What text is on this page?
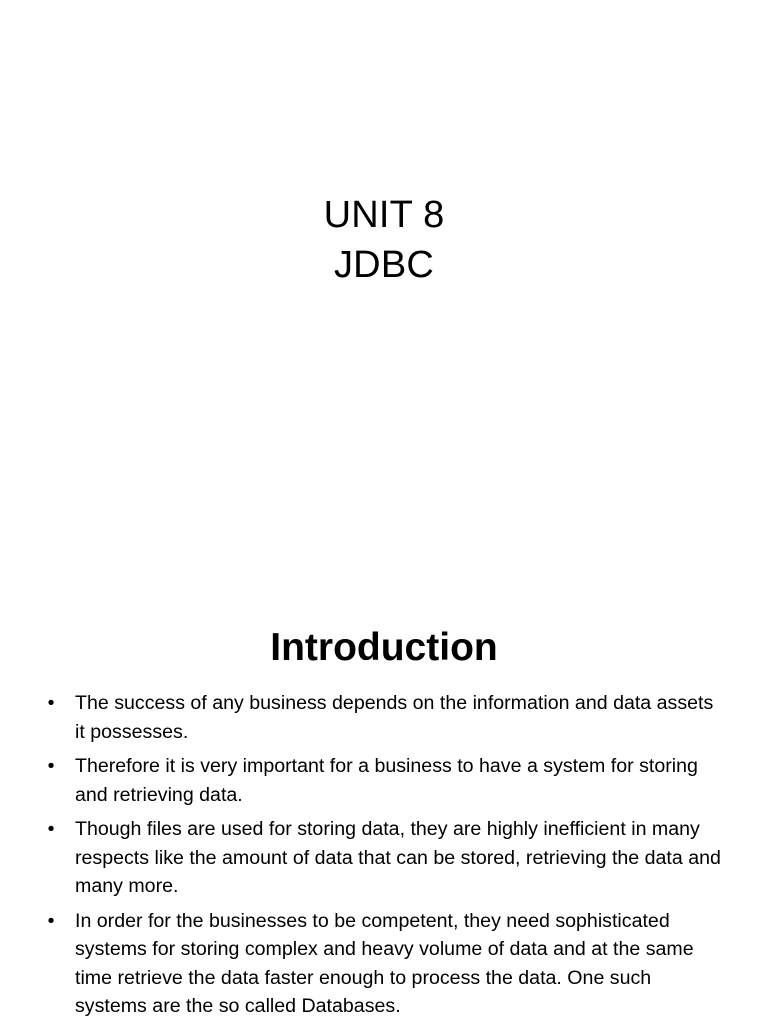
UNIT 8
JDBC
Introduction
• The success of any business depends on the information and data assets it possesses.
• Therefore it is very important for a business to have a system for storing and retrieving data.
• Though files are used for storing data, they are highly inefficient in many respects like the amount of data that can be stored, retrieving the data and many more.
• In order for the businesses to be competent, they need sophisticated systems for storing complex and heavy volume of data and at the same time retrieve the data faster enough to process the data. One such systems are the so called Databases.
